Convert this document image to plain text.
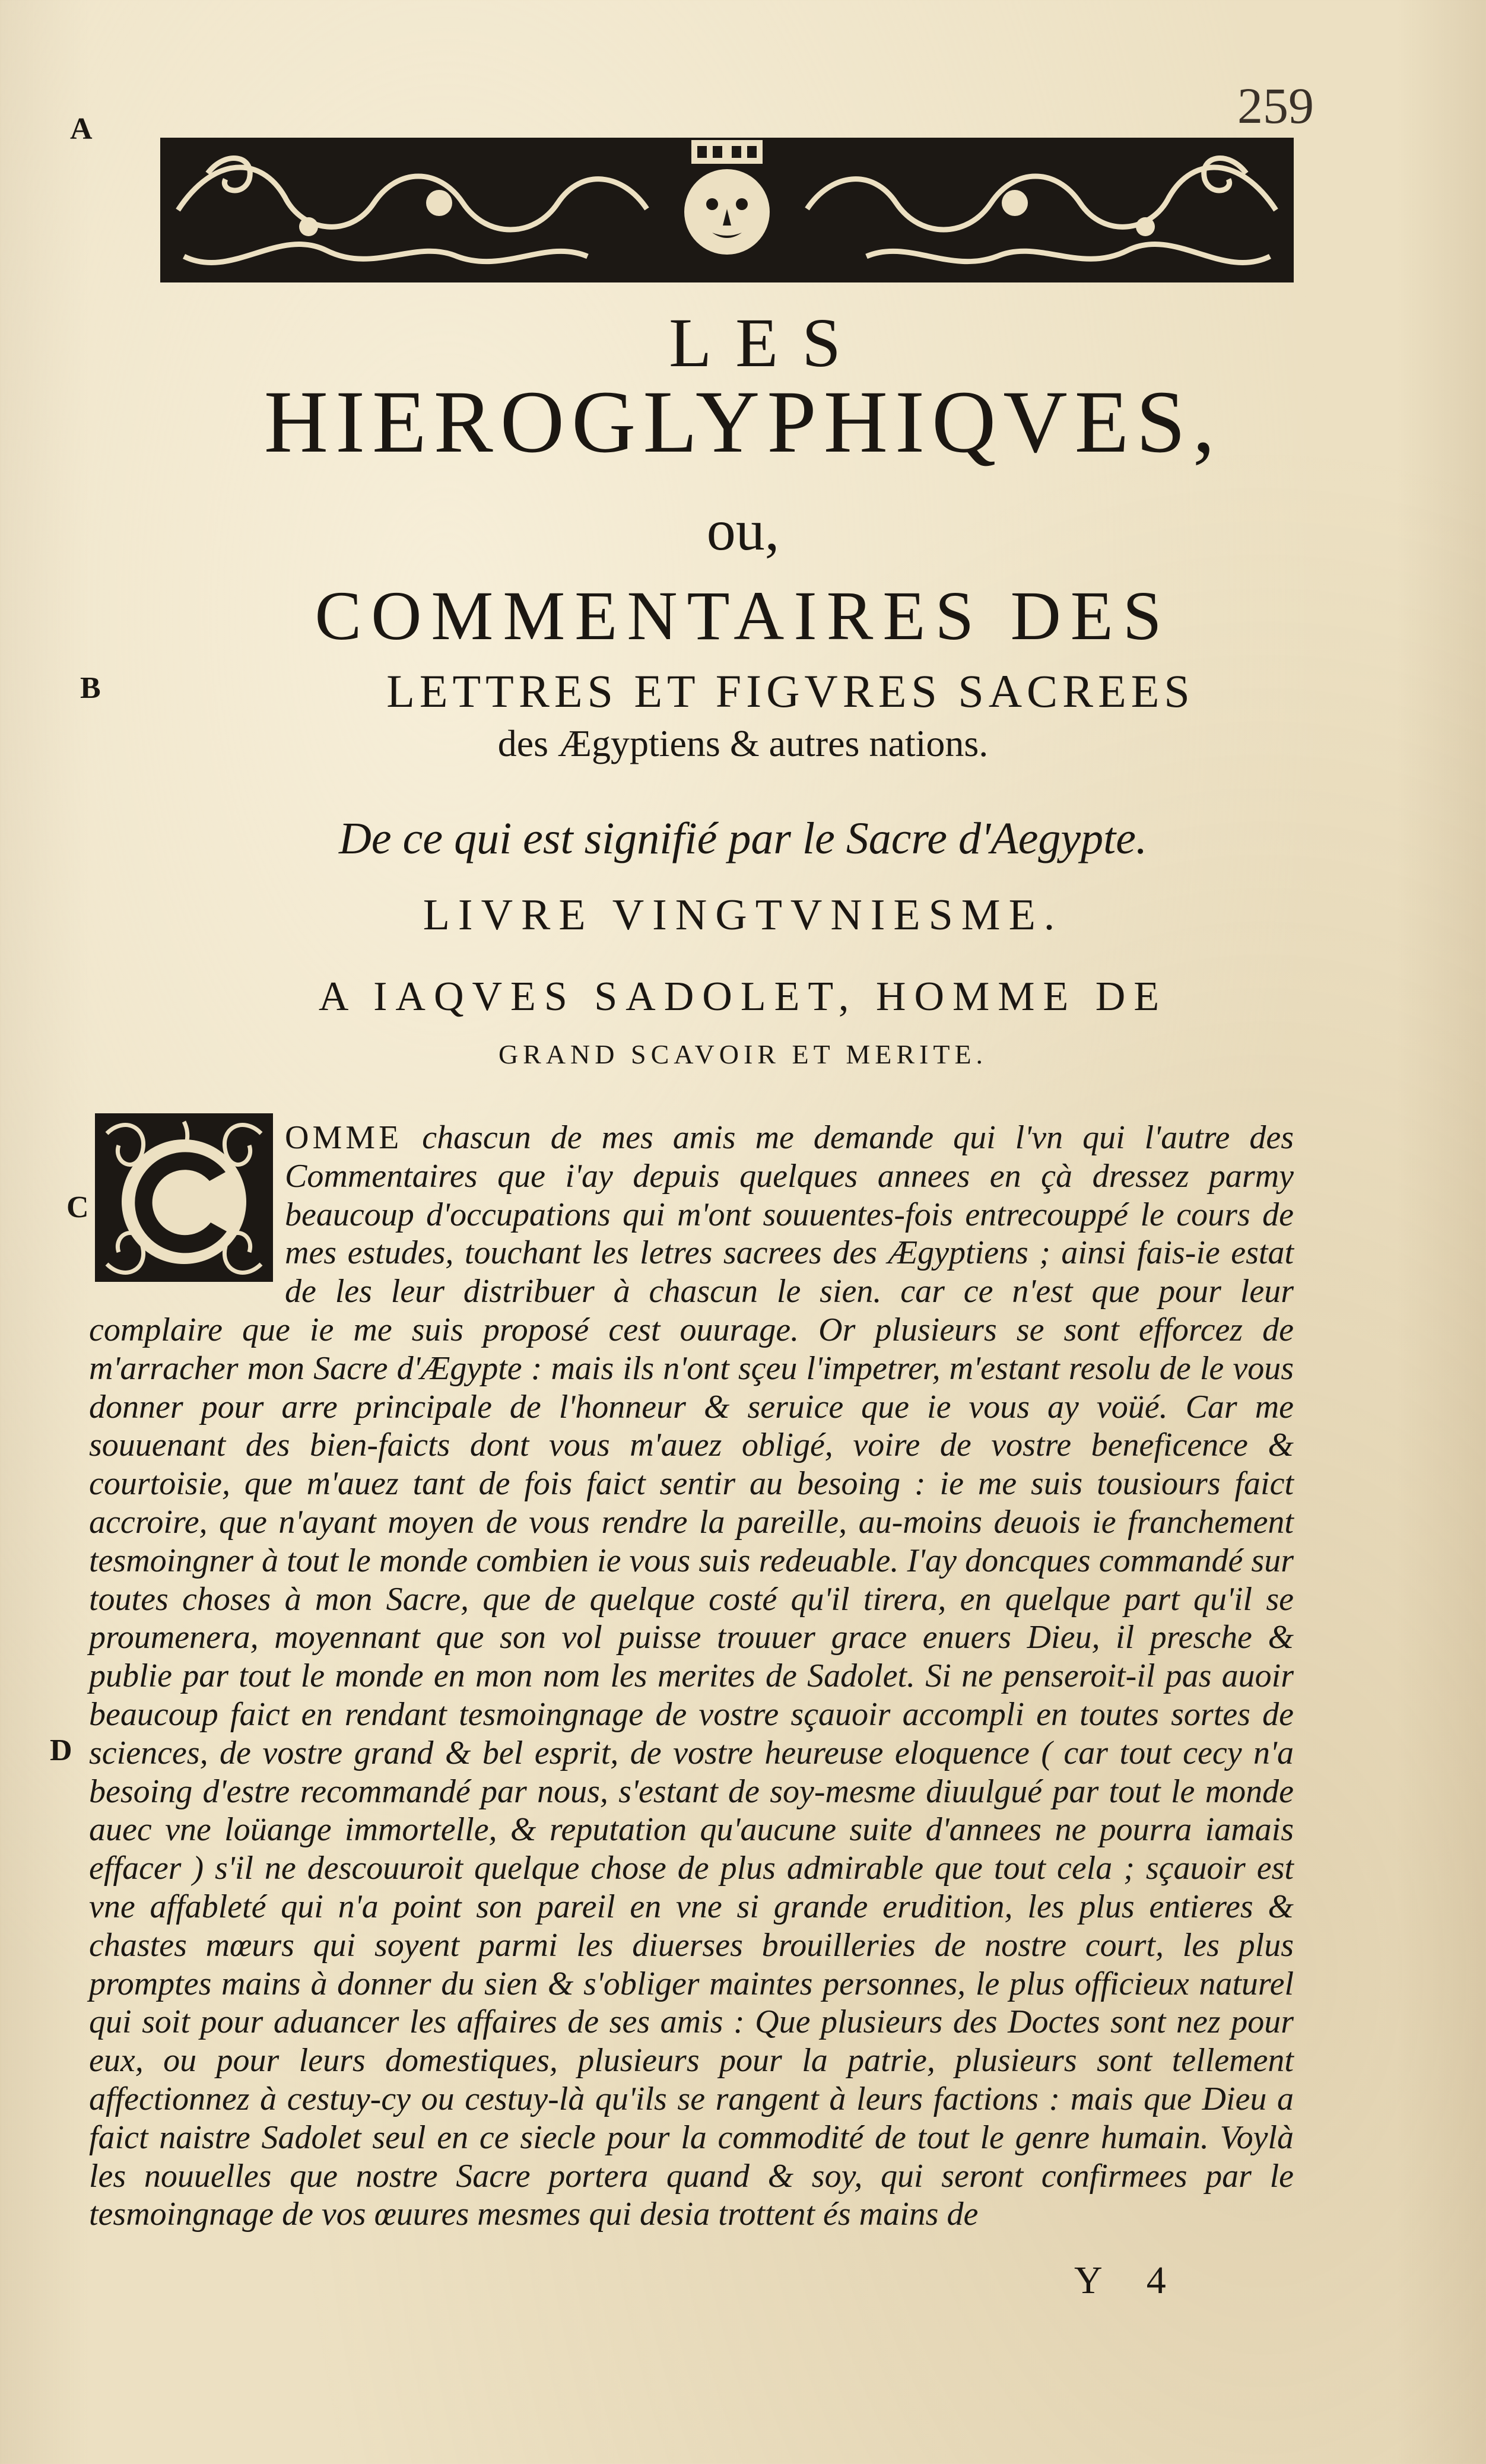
A	259
LES
HIEROGLYPHIQVES,
ou,
COMMENTAIRES DES
B	LETTRES ET FIGVRES SACREES
des Ægyptiens & autres nations.
De ce qui est signifié par le Sacre d'Aegypte.
LIVRE VINGTVNIESME.
A IAQVES SADOLET, HOMME DE
GRAND SCAVOIR ET MERITE.
C
D
OMME chascun de mes amis me demande qui l'vn qui l'autre des Commentaires que i'ay depuis quelques annees en çà dressez parmy beaucoup d'occupations qui m'ont souuentes-fois entrecouppé le cours de mes estudes, touchant les letres sacrees des Ægyptiens ; ainsi fais-ie estat de les leur distribuer à chascun le sien. car ce n'est que pour leur complaire que ie me suis proposé cest ouurage. Or plusieurs se sont efforcez de m'arracher mon Sacre d'Ægypte : mais ils n'ont sçeu l'impetrer, m'estant resolu de le vous donner pour arre principale de l'honneur & seruice que ie vous ay voüé. Car me souuenant des bien-faicts dont vous m'auez obligé, voire de vostre beneficence & courtoisie, que m'auez tant de fois faict sentir au besoing : ie me suis tousiours faict accroire, que n'ayant moyen de vous rendre la pareille, au-moins deuois ie franchement tesmoingner à tout le monde combien ie vous suis redeuable. I'ay doncques commandé sur toutes choses à mon Sacre, que de quelque costé qu'il tirera, en quelque part qu'il se proumenera, moyennant que son vol puisse trouuer grace enuers Dieu, il presche & publie par tout le monde en mon nom les merites de Sadolet. Si ne penseroit-il pas auoir beaucoup faict en rendant tesmoingnage de vostre sçauoir accompli en toutes sortes de sciences, de vostre grand & bel esprit, de vostre heureuse eloquence ( car tout cecy n'a besoing d'estre recommandé par nous, s'estant de soy-mesme diuulgué par tout le monde auec vne loüange immortelle, & reputation qu'aucune suite d'annees ne pourra iamais effacer ) s'il ne descouuroit quelque chose de plus admirable que tout cela ; sçauoir est vne affableté qui n'a point son pareil en vne si grande erudition, les plus entieres & chastes mœurs qui soyent parmi les diuerses brouilleries de nostre court, les plus promptes mains à donner du sien & s'obliger maintes personnes, le plus officieux naturel qui soit pour aduancer les affaires de ses amis : Que plusieurs des Doctes sont nez pour eux, ou pour leurs domestiques, plusieurs pour la patrie, plusieurs sont tellement affectionnez à cestuy-cy ou cestuy-là qu'ils se rangent à leurs factions : mais que Dieu a faict naistre Sadolet seul en ce siecle pour la commodité de tout le genre humain. Voylà les nouuelles que nostre Sacre portera quand & soy, qui seront confirmees par le tesmoingnage de vos œuures mesmes qui desia trottent és mains de
Y 4
